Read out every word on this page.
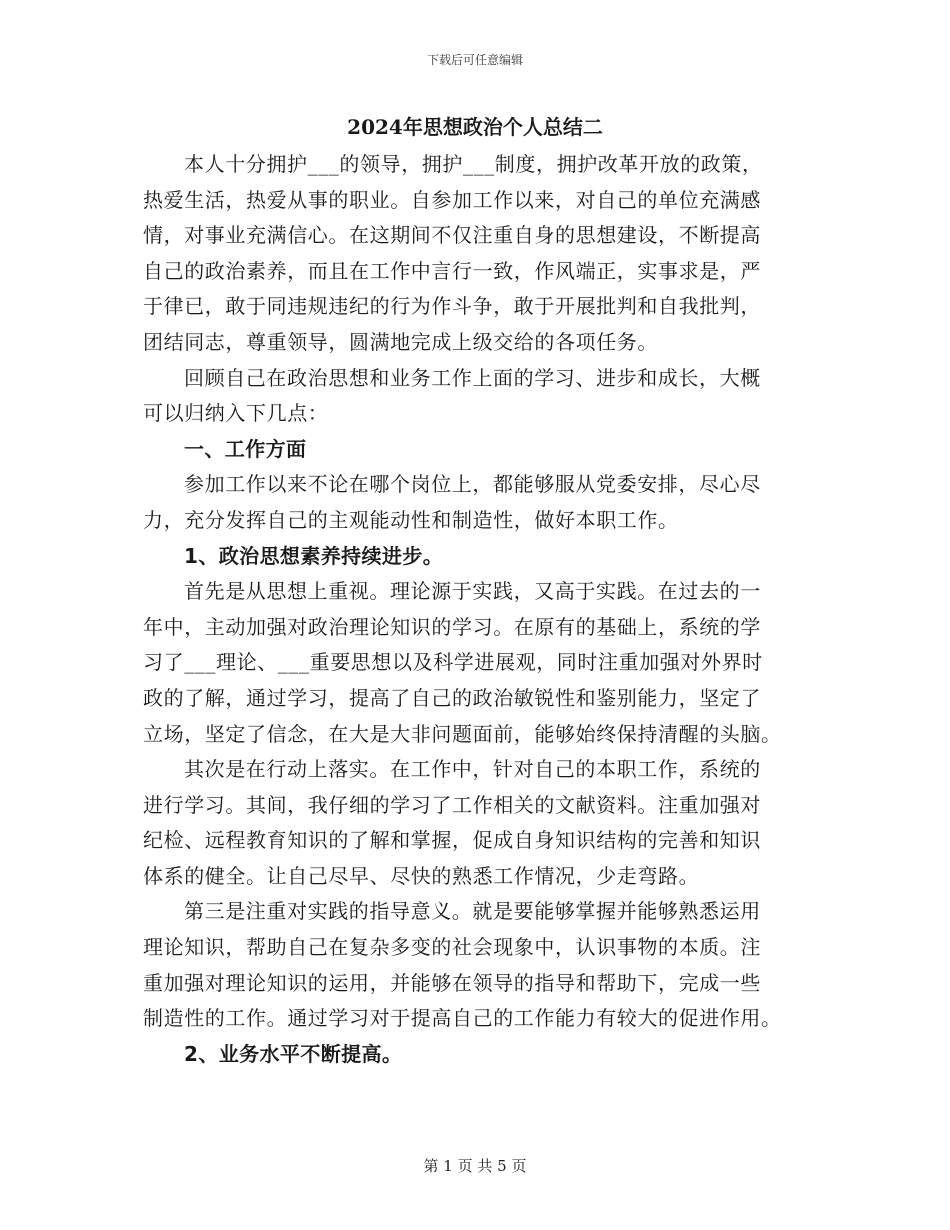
下载后可任意编辑
2024年思想政治个人总结二
本人十分拥护___的领导，拥护___制度，拥护改革开放的政策，
热爱生活，热爱从事的职业。自参加工作以来，对自己的单位充满感
情，对事业充满信心。在这期间不仅注重自身的思想建设，不断提高
自己的政治素养，而且在工作中言行一致，作风端正，实事求是，严
于律已，敢于同违规违纪的行为作斗争，敢于开展批判和自我批判，
团结同志，尊重领导，圆满地完成上级交给的各项任务。
回顾自己在政治思想和业务工作上面的学习、进步和成长，大概
可以归纳入下几点：
一、工作方面
参加工作以来不论在哪个岗位上，都能够服从党委安排，尽心尽
力，充分发挥自己的主观能动性和制造性，做好本职工作。
1、政治思想素养持续进步。
首先是从思想上重视。理论源于实践，又高于实践。在过去的一
年中，主动加强对政治理论知识的学习。在原有的基础上，系统的学
习了___理论、___重要思想以及科学进展观，同时注重加强对外界时
政的了解，通过学习，提高了自己的政治敏锐性和鉴别能力，坚定了
立场，坚定了信念，在大是大非问题面前，能够始终保持清醒的头脑。
其次是在行动上落实。在工作中，针对自己的本职工作，系统的
进行学习。其间，我仔细的学习了工作相关的文献资料。注重加强对
纪检、远程教育知识的了解和掌握，促成自身知识结构的完善和知识
体系的健全。让自己尽早、尽快的熟悉工作情况，少走弯路。
第三是注重对实践的指导意义。就是要能够掌握并能够熟悉运用
理论知识，帮助自己在复杂多变的社会现象中，认识事物的本质。注
重加强对理论知识的运用，并能够在领导的指导和帮助下，完成一些
制造性的工作。通过学习对于提高自己的工作能力有较大的促进作用。
2、业务水平不断提高。
第 1 页 共 5 页
